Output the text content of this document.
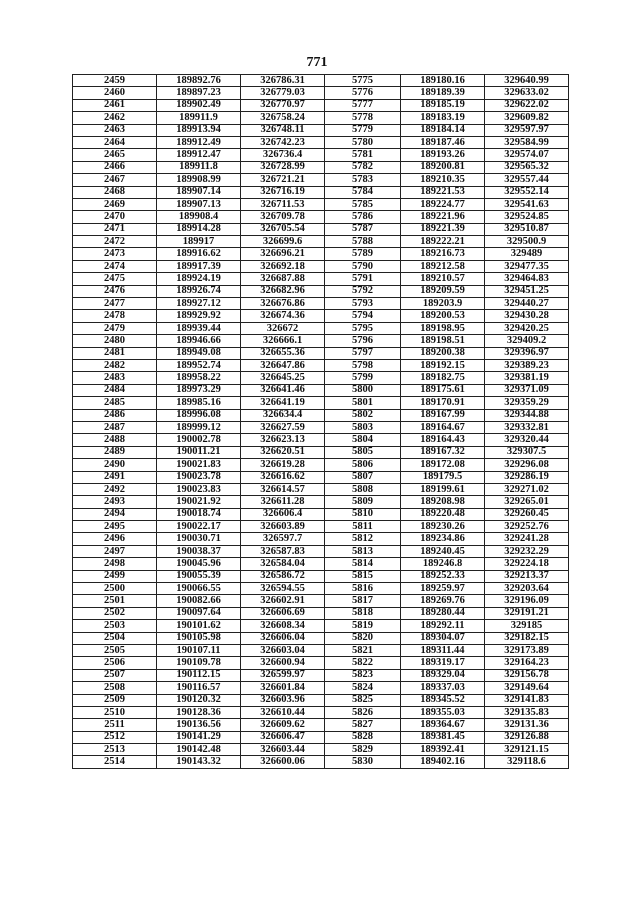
771
2459	189892.76	326786.31	5775	189180.16	329640.99
2460	189897.23	326779.03	5776	189189.39	329633.02
2461	189902.49	326770.97	5777	189185.19	329622.02
2462	189911.9	326758.24	5778	189183.19	329609.82
2463	189913.94	326748.11	5779	189184.14	329597.97
2464	189912.49	326742.23	5780	189187.46	329584.99
2465	189912.47	326736.4	5781	189193.26	329574.07
2466	189911.8	326728.99	5782	189200.81	329565.32
2467	189908.99	326721.21	5783	189210.35	329557.44
2468	189907.14	326716.19	5784	189221.53	329552.14
2469	189907.13	326711.53	5785	189224.77	329541.63
2470	189908.4	326709.78	5786	189221.96	329524.85
2471	189914.28	326705.54	5787	189221.39	329510.87
2472	189917	326699.6	5788	189222.21	329500.9
2473	189916.62	326696.21	5789	189216.73	329489
2474	189917.39	326692.18	5790	189212.58	329477.35
2475	189924.19	326687.88	5791	189210.57	329464.83
2476	189926.74	326682.96	5792	189209.59	329451.25
2477	189927.12	326676.86	5793	189203.9	329440.27
2478	189929.92	326674.36	5794	189200.53	329430.28
2479	189939.44	326672	5795	189198.95	329420.25
2480	189946.66	326666.1	5796	189198.51	329409.2
2481	189949.08	326655.36	5797	189200.38	329396.97
2482	189952.74	326647.86	5798	189192.15	329389.23
2483	189958.22	326645.25	5799	189182.75	329381.19
2484	189973.29	326641.46	5800	189175.61	329371.09
2485	189985.16	326641.19	5801	189170.91	329359.29
2486	189996.08	326634.4	5802	189167.99	329344.88
2487	189999.12	326627.59	5803	189164.67	329332.81
2488	190002.78	326623.13	5804	189164.43	329320.44
2489	190011.21	326620.51	5805	189167.32	329307.5
2490	190021.83	326619.28	5806	189172.08	329296.08
2491	190023.78	326616.62	5807	189179.5	329286.19
2492	190023.83	326614.57	5808	189199.61	329271.02
2493	190021.92	326611.28	5809	189208.98	329265.01
2494	190018.74	326606.4	5810	189220.48	329260.45
2495	190022.17	326603.89	5811	189230.26	329252.76
2496	190030.71	326597.7	5812	189234.86	329241.28
2497	190038.37	326587.83	5813	189240.45	329232.29
2498	190045.96	326584.04	5814	189246.8	329224.18
2499	190055.39	326586.72	5815	189252.33	329213.37
2500	190066.55	326594.55	5816	189259.97	329203.64
2501	190082.66	326602.91	5817	189269.76	329196.09
2502	190097.64	326606.69	5818	189280.44	329191.21
2503	190101.62	326608.34	5819	189292.11	329185
2504	190105.98	326606.04	5820	189304.07	329182.15
2505	190107.11	326603.04	5821	189311.44	329173.89
2506	190109.78	326600.94	5822	189319.17	329164.23
2507	190112.15	326599.97	5823	189329.04	329156.78
2508	190116.57	326601.84	5824	189337.03	329149.64
2509	190120.32	326603.96	5825	189345.52	329141.83
2510	190128.36	326610.44	5826	189355.03	329135.83
2511	190136.56	326609.62	5827	189364.67	329131.36
2512	190141.29	326606.47	5828	189381.45	329126.88
2513	190142.48	326603.44	5829	189392.41	329121.15
2514	190143.32	326600.06	5830	189402.16	329118.6
